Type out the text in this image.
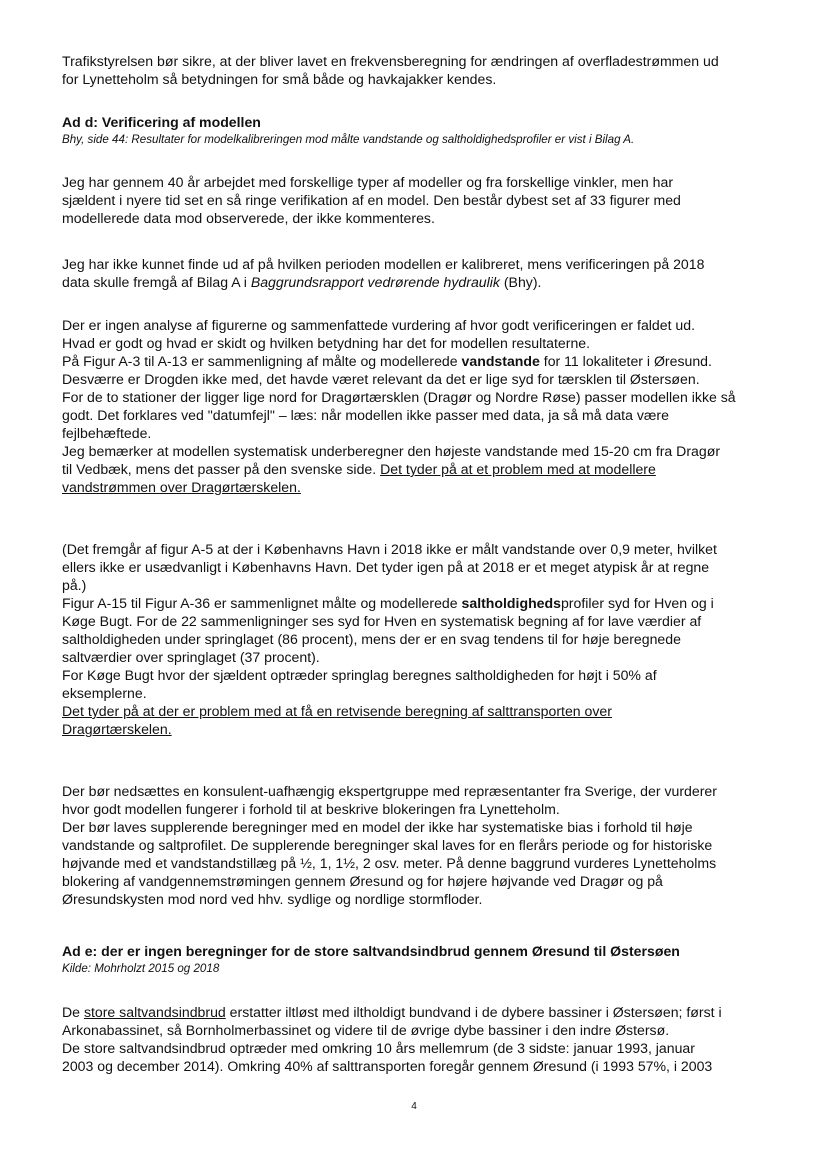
Trafikstyrelsen bør sikre, at der bliver lavet en frekvensberegning for ændringen af overfladestrømmen ud

for Lynetteholm så betydningen for små både og havkajakker kendes.

Ad d: Verificering af modellen

Bhy, side 44: Resultater for modelkalibreringen mod målte vandstande og saltholdighedsprofiler er vist i Bilag A.

Jeg har gennem 40 år arbejdet med forskellige typer af modeller og fra forskellige vinkler, men har

sjældent i nyere tid set en så ringe verifikation af en model. Den består dybest set af 33 figurer med

modellerede data mod observerede, der ikke kommenteres.

Jeg har ikke kunnet finde ud af på hvilken perioden modellen er kalibreret, mens verificeringen på 2018

data skulle fremgå af Bilag A i Baggrundsrapport vedrørende hydraulik (Bhy).

Der er ingen analyse af figurerne og sammenfattede vurdering af hvor godt verificeringen er faldet ud.

Hvad er godt og hvad er skidt og hvilken betydning har det for modellen resultaterne.

På Figur A-3 til A-13 er sammenligning af målte og modellerede vandstande for 11 lokaliteter i Øresund.

Desværre er Drogden ikke med, det havde været relevant da det er lige syd for tærsklen til Østersøen.

For de to stationer der ligger lige nord for Dragørtærsklen (Dragør og Nordre Røse) passer modellen ikke så

godt. Det forklares ved "datumfejl" – læs: når modellen ikke passer med data, ja så må data være

fejlbehæftede.

Jeg bemærker at modellen systematisk underberegner den højeste vandstande med 15-20 cm fra Dragør

til Vedbæk, mens det passer på den svenske side. Det tyder på at et problem med at modellere

vandstrømmen over Dragørtærskelen.

(Det fremgår af figur A-5 at der i Københavns Havn i 2018 ikke er målt vandstande over 0,9 meter, hvilket

ellers ikke er usædvanligt i Københavns Havn. Det tyder igen på at 2018 er et meget atypisk år at regne

på.)

Figur A-15 til Figur A-36 er sammenlignet målte og modellerede saltholdighedsprofiler syd for Hven og i

Køge Bugt. For de 22 sammenligninger ses syd for Hven en systematisk begning af for lave værdier af

saltholdigheden under springlaget (86 procent), mens der er en svag tendens til for høje beregnede

saltværdier over springlaget (37 procent).

For Køge Bugt hvor der sjældent optræder springlag beregnes saltholdigheden for højt i 50% af

eksemplerne.

Det tyder på at der er problem med at få en retvisende beregning af salttransporten over

Dragørtærskelen.

Der bør nedsættes en konsulent-uafhængig ekspertgruppe med repræsentanter fra Sverige, der vurderer

hvor godt modellen fungerer i forhold til at beskrive blokeringen fra Lynetteholm.

Der bør laves supplerende beregninger med en model der ikke har systematiske bias i forhold til høje

vandstande og saltprofilet. De supplerende beregninger skal laves for en flerårs periode og for historiske

højvande med et vandstandstillæg på ½, 1, 1½, 2 osv. meter. På denne baggrund vurderes Lynetteholms

blokering af vandgennemstrømingen gennem Øresund og for højere højvande ved Dragør og på

Øresundskysten mod nord ved hhv. sydlige og nordlige stormfloder.

Ad e: der er ingen beregninger for de store saltvandsindbrud gennem Øresund til Østersøen

Kilde: Mohrholzt 2015 og 2018

De store saltvandsindbrud erstatter iltløst med iltholdigt bundvand i de dybere bassiner i Østersøen; først i

Arkonabassinet, så Bornholmerbassinet og videre til de øvrige dybe bassiner i den indre Østersø.

De store saltvandsindbrud optræder med omkring 10 års mellemrum (de 3 sidste: januar 1993, januar

2003 og december 2014). Omkring 40% af salttransporten foregår gennem Øresund (i 1993 57%, i 2003

4
